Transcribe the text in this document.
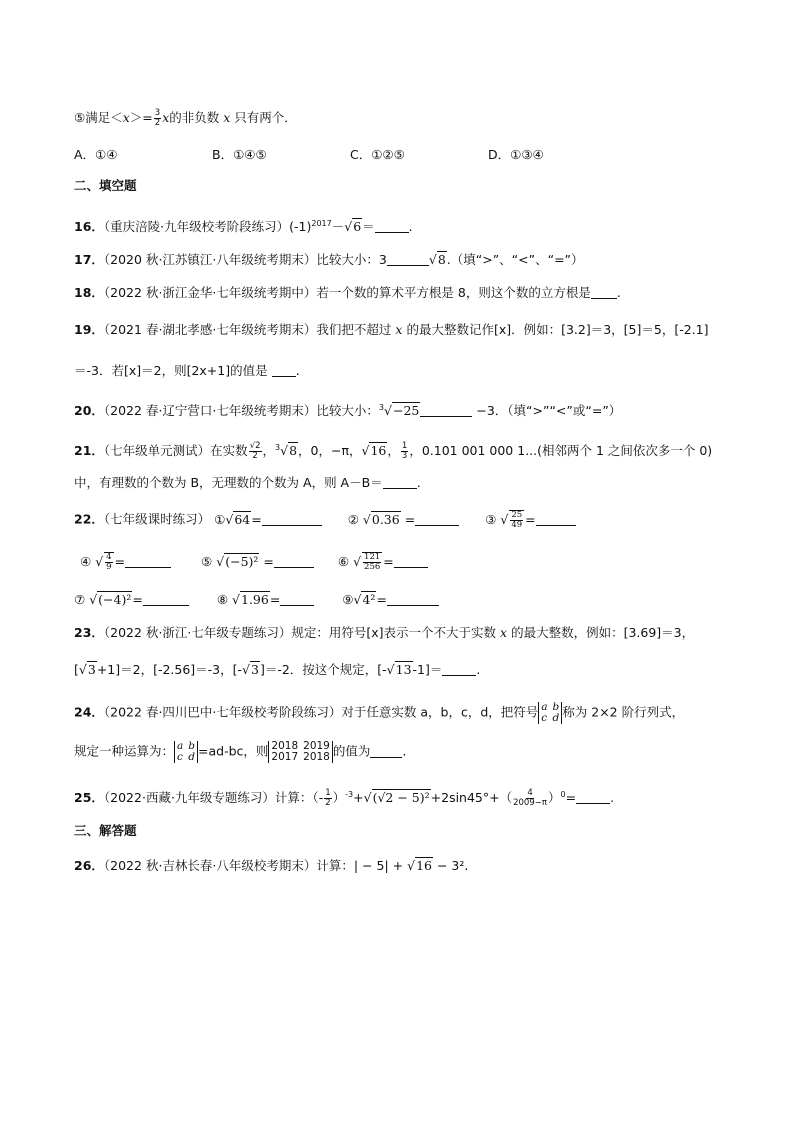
⑤满足$<x>= \frac{3}{2}$ x的非负数 x 只有两个．
A．①④	B．①④⑤	C．①②⑤	D．①③④
二、填空题
16．（重庆涪陵·九年级校考阶段练习）$(-1)^{2017}-√6=$	.
17．（2020 秋·江苏镇江·八年级统考期末）比较大小：3	√8.（填“>”、“<”、“=”）
18．（2022 秋·浙江金华·七年级统考期中）若一个数的算术平方根是 8，则这个数的立方根是 .
19．（2021 春·湖北孝感·七年级统考期末）我们把不超过 x 的最大整数记作[x]．例如：[3.2]＝3，[5]＝5，[-2.1]
＝-3．若[x]＝2，则[2x+1]的值是 .
20．（2022 春·辽宁营口·七年级统考期末）比较大小：$^3$√−25	−3．（填“>”“<”或“=”）
21．（七年级单元测试）在实数 $\frac{√2}{2}$ ，$^3$√8，0，−π，√16， $\frac{1}{3}$ ，0.101 001 000 1...(相邻两个 1 之间依次多一个 0)
中，有理数的个数为 B，无理数的个数为 A，则 A－B＝	.
22．（七年级课时练习） ①√64=	② √0.36 =	③ √ $\frac{25}{49}$ =
④ √ $\frac{4}{9}$ =	⑤ √(−5)² =	⑥ √ $\frac{121}{256}$ =
⑦ √(−4)²=	⑧ √1.96=	⑨√4²=
23．（2022 秋·浙江·七年级专题练习）规定：用符号[x]表示一个不大于实数 x 的最大整数，例如：[3.69]＝3，
[√3+1]＝2，[-2.56]＝-3，[-√3]＝-2．按这个规定，[-√13-1]＝	.
24．（2022 春·四川巴中·七年级校考阶段练习）对于任意实数 a，b，c，d，把符号 a b
c d 称为 2×2 阶行列式，
规定一种运算为： a b
c d =ad-bc，则 2018 2019
2017 2018 的值为	.
25．（2022·西藏·九年级专题练习）计算：（- $\frac{1}{2} )^{-3}+√(√2 - 5)^2+2\sin 45^\circ+( \frac{4}{2009-\pi} )^0=$	.
三、解答题
26．（2022 秋·吉林长春·八年级校考期末）计算：| − 5| + √16 − 3².
